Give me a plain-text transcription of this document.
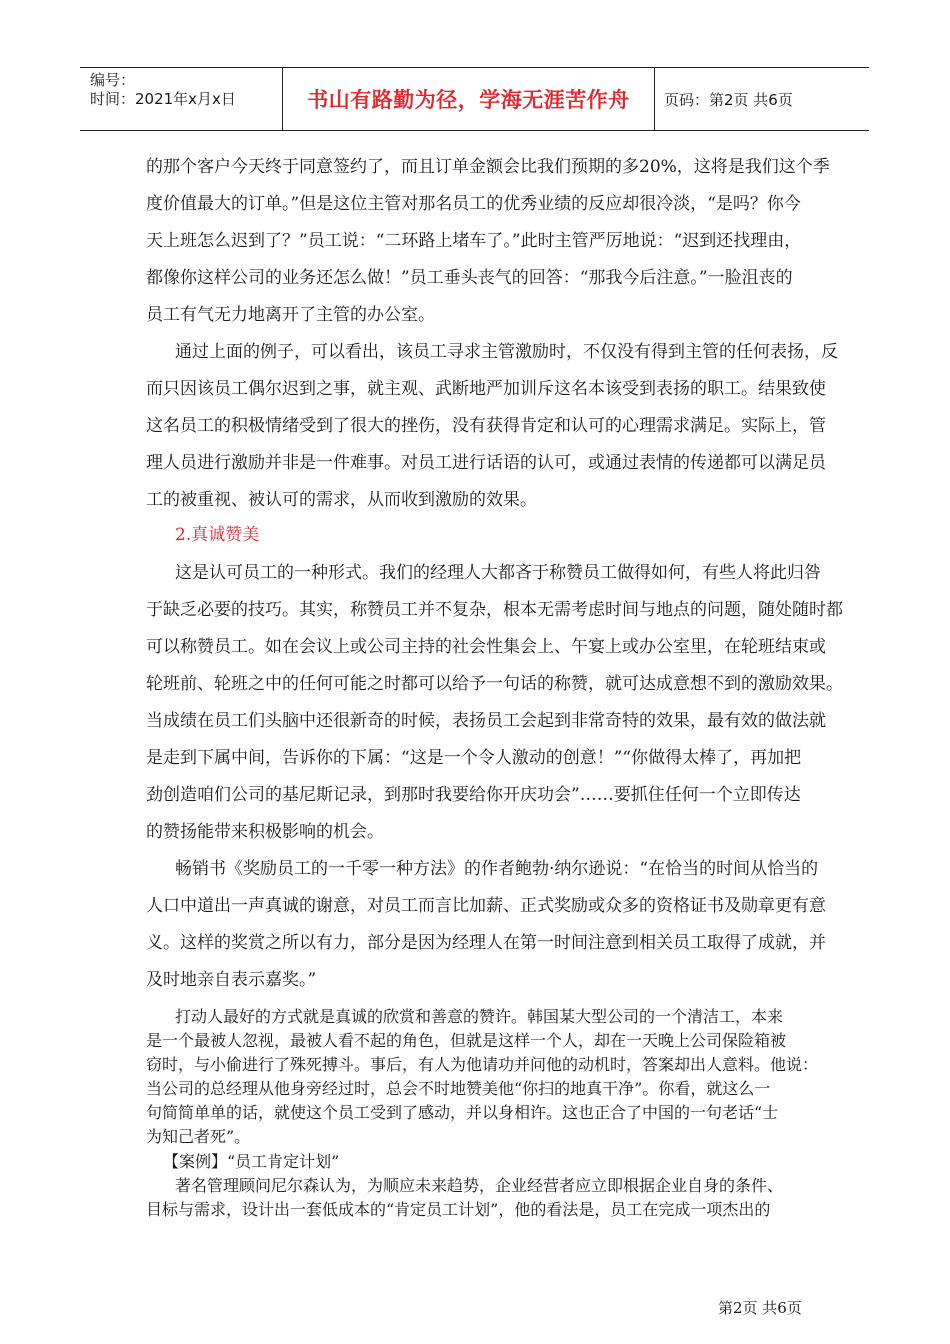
编号：
时间：2021年x月x日	书山有路勤为径，学海无涯苦作舟	页码：第2页 共6页
的那个客户今天终于同意签约了，而且订单金额会比我们预期的多20%，这将是我们这个季
度价值最大的订单。”但是这位主管对那名员工的优秀业绩的反应却很冷淡，“是吗？你今
天上班怎么迟到了？”员工说：“二环路上堵车了。”此时主管严厉地说：“迟到还找理由，
都像你这样公司的业务还怎么做！”员工垂头丧气的回答：“那我今后注意。”一脸沮丧的
员工有气无力地离开了主管的办公室。
通过上面的例子，可以看出，该员工寻求主管激励时，不仅没有得到主管的任何表扬，反
而只因该员工偶尔迟到之事，就主观、武断地严加训斥这名本该受到表扬的职工。结果致使
这名员工的积极情绪受到了很大的挫伤，没有获得肯定和认可的心理需求满足。实际上，管
理人员进行激励并非是一件难事。对员工进行话语的认可，或通过表情的传递都可以满足员
工的被重视、被认可的需求，从而收到激励的效果。
2.真诚赞美
这是认可员工的一种形式。我们的经理人大都吝于称赞员工做得如何，有些人将此归咎
于缺乏必要的技巧。其实，称赞员工并不复杂，根本无需考虑时间与地点的问题，随处随时都
可以称赞员工。如在会议上或公司主持的社会性集会上、午宴上或办公室里，在轮班结束或
轮班前、轮班之中的任何可能之时都可以给予一句话的称赞，就可达成意想不到的激励效果。
当成绩在员工们头脑中还很新奇的时候，表扬员工会起到非常奇特的效果，最有效的做法就
是走到下属中间，告诉你的下属：“这是一个令人激动的创意！”“你做得太棒了，再加把
劲创造咱们公司的基尼斯记录，到那时我要给你开庆功会”……要抓住任何一个立即传达
的赞扬能带来积极影响的机会。
畅销书《奖励员工的一千零一种方法》的作者鲍勃·纳尔逊说：“在恰当的时间从恰当的
人口中道出一声真诚的谢意，对员工而言比加薪、正式奖励或众多的资格证书及勋章更有意
义。这样的奖赏之所以有力，部分是因为经理人在第一时间注意到相关员工取得了成就，并
及时地亲自表示嘉奖。”
打动人最好的方式就是真诚的欣赏和善意的赞许。韩国某大型公司的一个清洁工，本来
是一个最被人忽视，最被人看不起的角色，但就是这样一个人，却在一天晚上公司保险箱被
窃时，与小偷进行了殊死搏斗。事后，有人为他请功并问他的动机时，答案却出人意料。他说：
当公司的总经理从他身旁经过时，总会不时地赞美他“你扫的地真干净”。你看，就这么一
句简简单单的话，就使这个员工受到了感动，并以身相许。这也正合了中国的一句老话“士
为知己者死”。
【案例】“员工肯定计划”
著名管理顾问尼尔森认为，为顺应未来趋势，企业经营者应立即根据企业自身的条件、
目标与需求，设计出一套低成本的“肯定员工计划”，他的看法是，员工在完成一项杰出的
第2页 共6页
